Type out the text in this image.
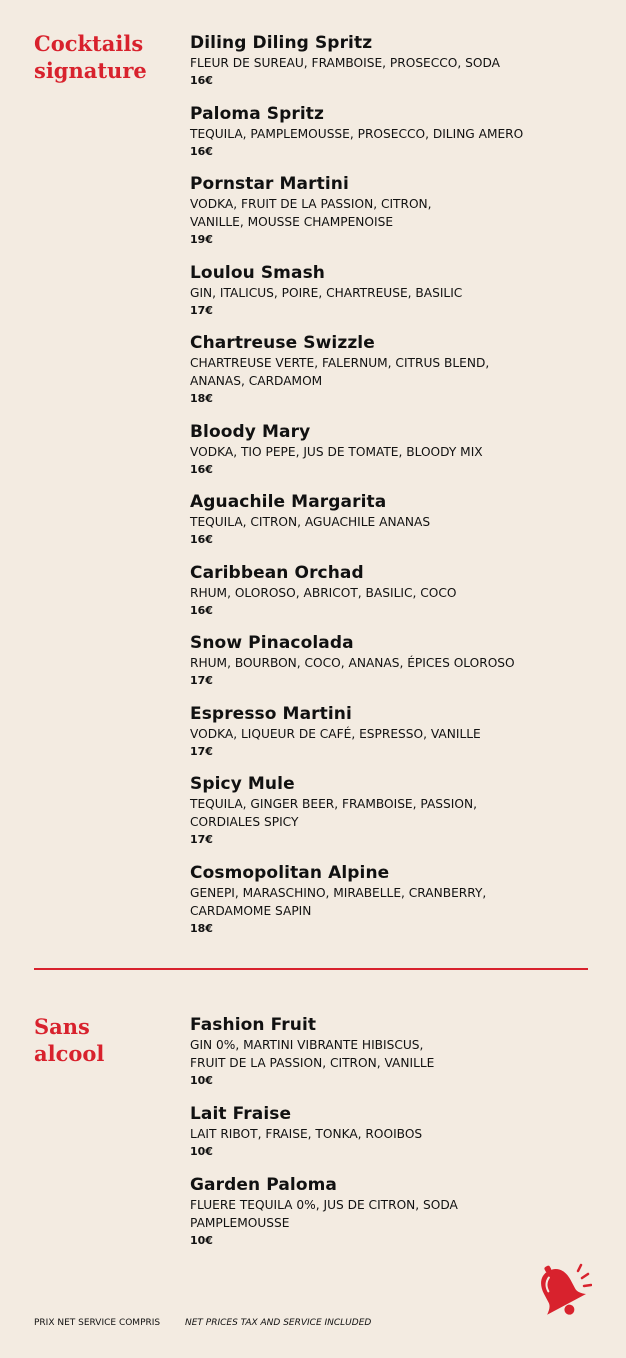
Cocktails
signature

Diling Diling Spritz

FLEUR DE SUREAU, FRAMBOISE, PROSECCO, SODA

16€

Paloma Spritz

TEQUILA, PAMPLEMOUSSE, PROSECCO, DILING AMERO

16€

Pornstar Martini

VODKA, FRUIT DE LA PASSION, CITRON,
VANILLE, MOUSSE CHAMPENOISE

19€

Loulou Smash

GIN, ITALICUS, POIRE, CHARTREUSE, BASILIC

17€

Chartreuse Swizzle

CHARTREUSE VERTE, FALERNUM, CITRUS BLEND,
ANANAS, CARDAMOM

18€

Bloody Mary

VODKA, TIO PEPE, JUS DE TOMATE, BLOODY MIX

16€

Aguachile Margarita

TEQUILA, CITRON, AGUACHILE ANANAS

16€

Caribbean Orchad

RHUM, OLOROSO, ABRICOT, BASILIC, COCO

16€

Snow Pinacolada

RHUM, BOURBON, COCO, ANANAS, ÉPICES OLOROSO

17€

Espresso Martini

VODKA, LIQUEUR DE CAFÉ, ESPRESSO, VANILLE

17€

Spicy Mule

TEQUILA, GINGER BEER, FRAMBOISE, PASSION,
CORDIALES SPICY

17€

Cosmopolitan Alpine

GENEPI, MARASCHINO, MIRABELLE, CRANBERRY,
CARDAMOME SAPIN

18€

Sans
alcool

Fashion Fruit

GIN 0%, MARTINI VIBRANTE HIBISCUS,
FRUIT DE LA PASSION, CITRON, VANILLE

10€

Lait Fraise

LAIT RIBOT, FRAISE, TONKA, ROOIBOS

10€

Garden Paloma

FLUERE TEQUILA 0%, JUS DE CITRON, SODA
PAMPLEMOUSSE

10€

PRIX NET SERVICE COMPRIS	NET PRICES TAX AND SERVICE INCLUDED
